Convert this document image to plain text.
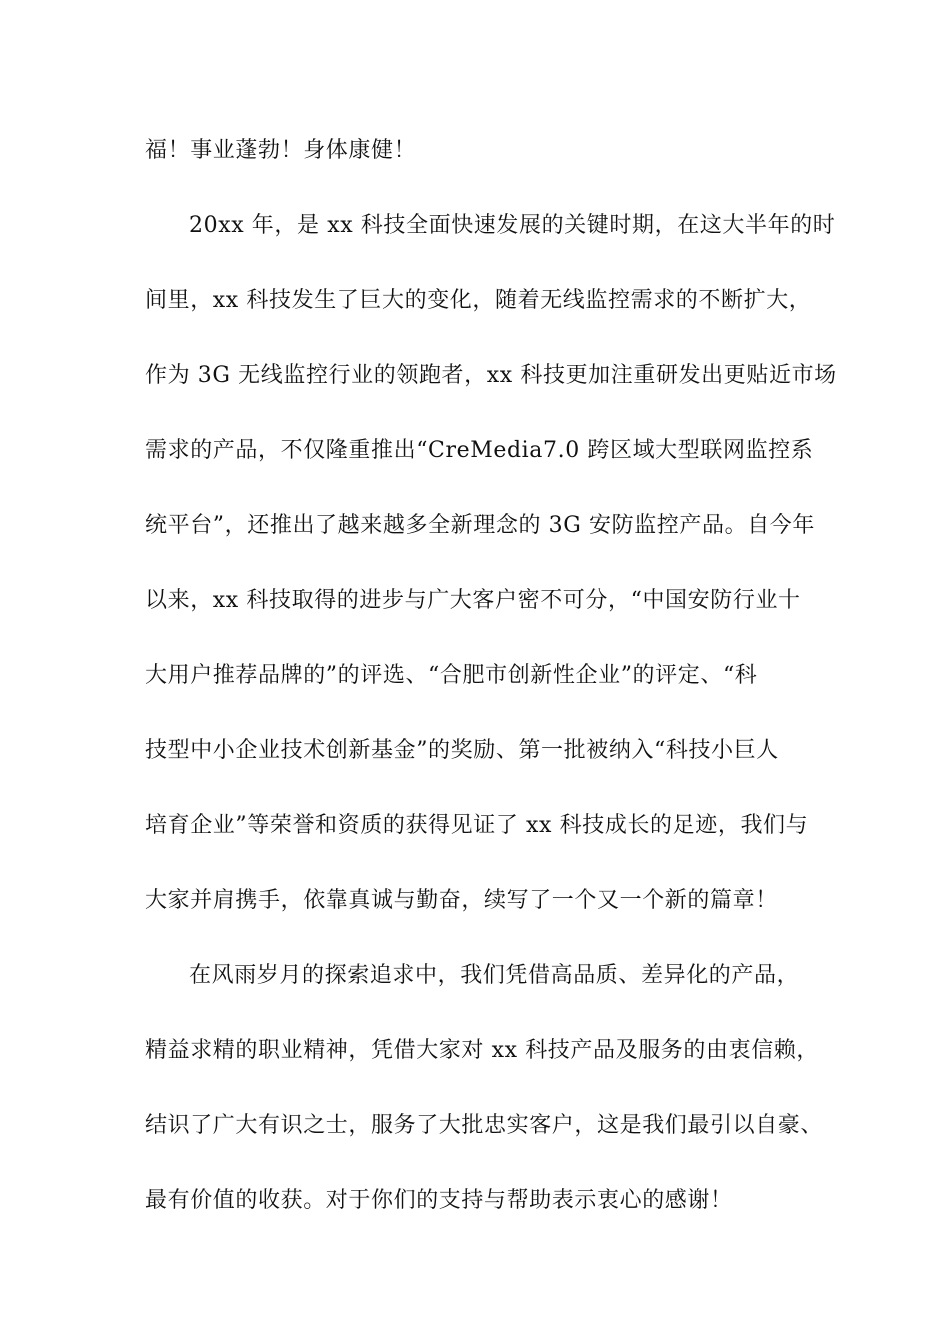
福！事业蓬勃！身体康健！
20xx 年，是 xx 科技全面快速发展的关键时期，在这大半年的时
间里，xx 科技发生了巨大的变化，随着无线监控需求的不断扩大，
作为 3G 无线监控行业的领跑者，xx 科技更加注重研发出更贴近市场
需求的产品，不仅隆重推出“CreMedia7.0 跨区域大型联网监控系
统平台”，还推出了越来越多全新理念的 3G 安防监控产品。自今年
以来，xx 科技取得的进步与广大客户密不可分，“中国安防行业十
大用户推荐品牌的”的评选、“合肥市创新性企业”的评定、“科
技型中小企业技术创新基金”的奖励、第一批被纳入“科技小巨人
培育企业”等荣誉和资质的获得见证了 xx 科技成长的足迹，我们与
大家并肩携手，依靠真诚与勤奋，续写了一个又一个新的篇章！
在风雨岁月的探索追求中，我们凭借高品质、差异化的产品，
精益求精的职业精神，凭借大家对 xx 科技产品及服务的由衷信赖，
结识了广大有识之士，服务了大批忠实客户，这是我们最引以自豪、
最有价值的收获。对于你们的支持与帮助表示衷心的感谢！
